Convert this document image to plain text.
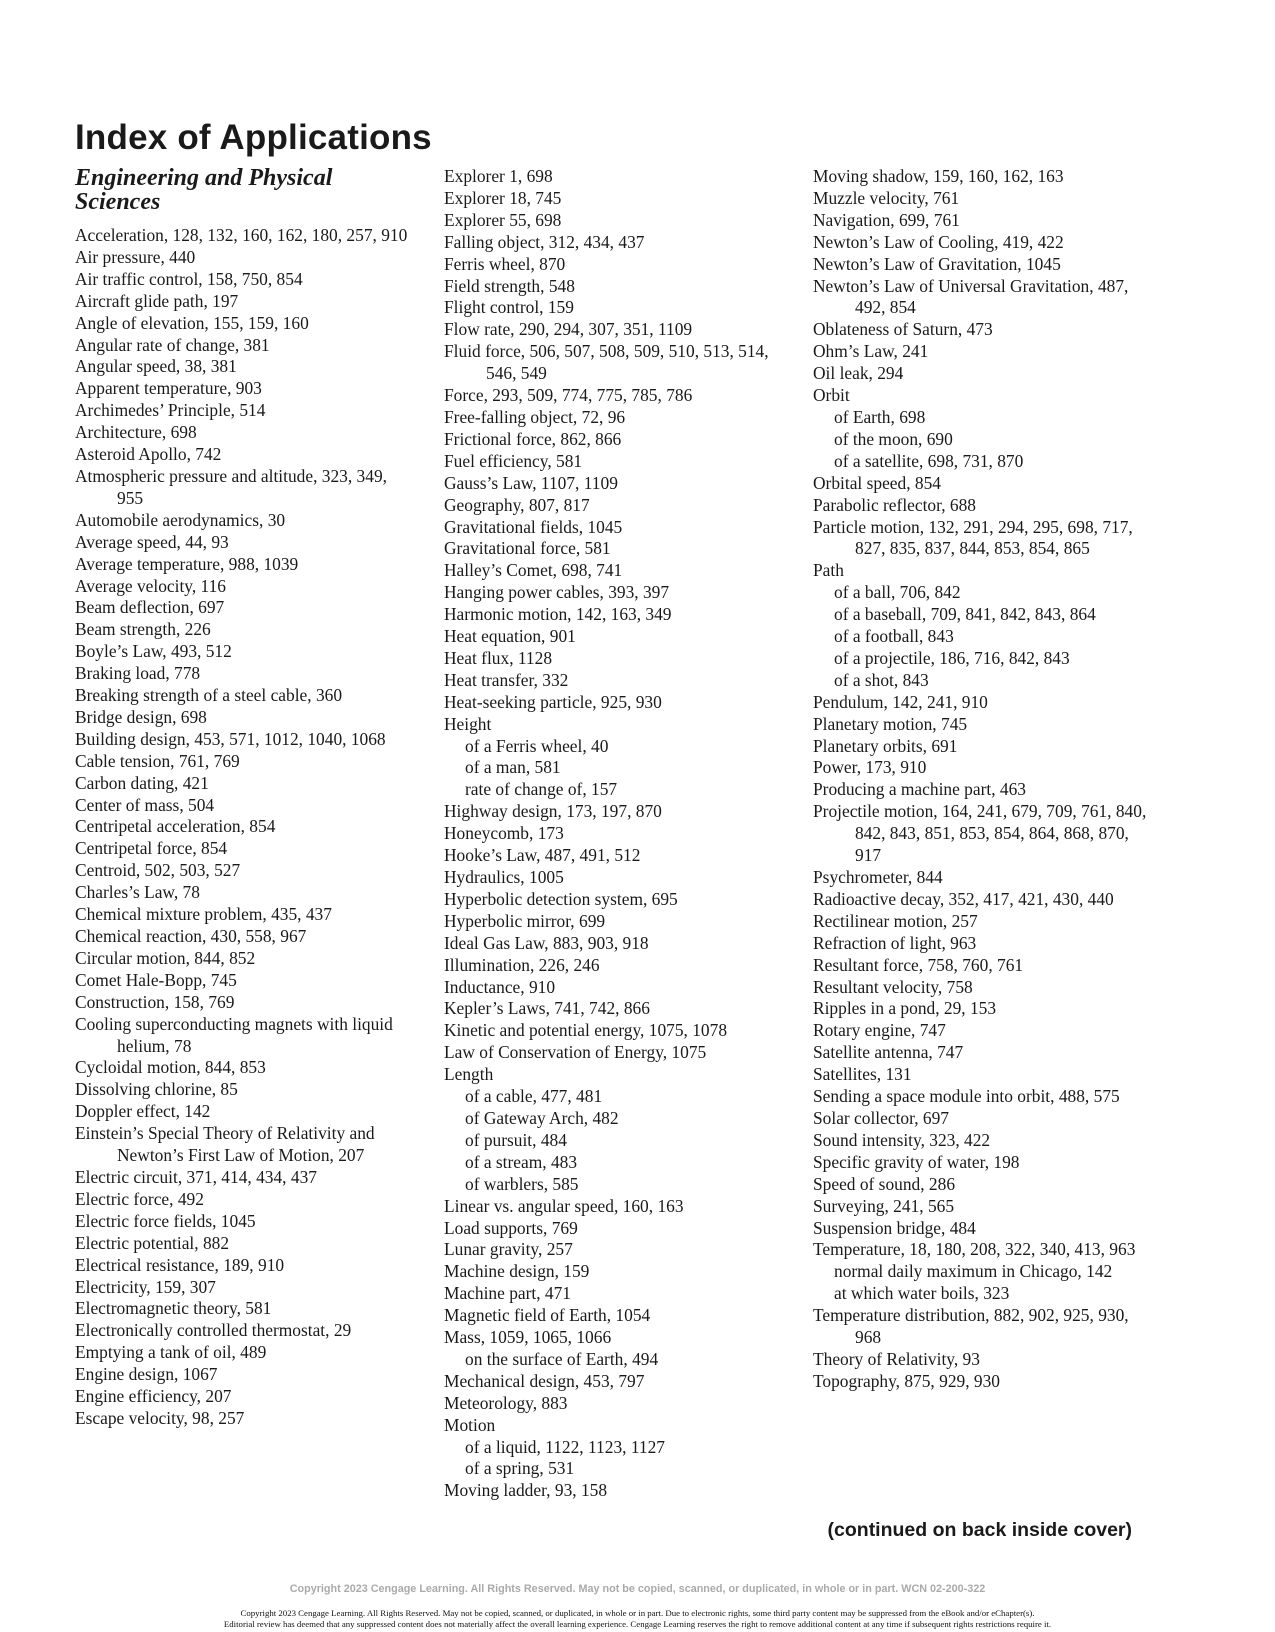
Index of Applications
Engineering and Physical Sciences
Acceleration, 128, 132, 160, 162, 180, 257, 910
Air pressure, 440
Air traffic control, 158, 750, 854
Aircraft glide path, 197
Angle of elevation, 155, 159, 160
Angular rate of change, 381
Angular speed, 38, 381
Apparent temperature, 903
Archimedes’ Principle, 514
Architecture, 698
Asteroid Apollo, 742
Atmospheric pressure and altitude, 323, 349, 955
Automobile aerodynamics, 30
Average speed, 44, 93
Average temperature, 988, 1039
Average velocity, 116
Beam deflection, 697
Beam strength, 226
Boyle’s Law, 493, 512
Braking load, 778
Breaking strength of a steel cable, 360
Bridge design, 698
Building design, 453, 571, 1012, 1040, 1068
Cable tension, 761, 769
Carbon dating, 421
Center of mass, 504
Centripetal acceleration, 854
Centripetal force, 854
Centroid, 502, 503, 527
Charles’s Law, 78
Chemical mixture problem, 435, 437
Chemical reaction, 430, 558, 967
Circular motion, 844, 852
Comet Hale-Bopp, 745
Construction, 158, 769
Cooling superconducting magnets with liquid helium, 78
Cycloidal motion, 844, 853
Dissolving chlorine, 85
Doppler effect, 142
Einstein’s Special Theory of Relativity and Newton’s First Law of Motion, 207
Electric circuit, 371, 414, 434, 437
Electric force, 492
Electric force fields, 1045
Electric potential, 882
Electrical resistance, 189, 910
Electricity, 159, 307
Electromagnetic theory, 581
Electronically controlled thermostat, 29
Emptying a tank of oil, 489
Engine design, 1067
Engine efficiency, 207
Escape velocity, 98, 257
Explorer 1, 698
Explorer 18, 745
Explorer 55, 698
Falling object, 312, 434, 437
Ferris wheel, 870
Field strength, 548
Flight control, 159
Flow rate, 290, 294, 307, 351, 1109
Fluid force, 506, 507, 508, 509, 510, 513, 514, 546, 549
Force, 293, 509, 774, 775, 785, 786
Free-falling object, 72, 96
Frictional force, 862, 866
Fuel efficiency, 581
Gauss’s Law, 1107, 1109
Geography, 807, 817
Gravitational fields, 1045
Gravitational force, 581
Halley’s Comet, 698, 741
Hanging power cables, 393, 397
Harmonic motion, 142, 163, 349
Heat equation, 901
Heat flux, 1128
Heat transfer, 332
Heat-seeking particle, 925, 930
Height
of a Ferris wheel, 40
of a man, 581
rate of change of, 157
Highway design, 173, 197, 870
Honeycomb, 173
Hooke’s Law, 487, 491, 512
Hydraulics, 1005
Hyperbolic detection system, 695
Hyperbolic mirror, 699
Ideal Gas Law, 883, 903, 918
Illumination, 226, 246
Inductance, 910
Kepler’s Laws, 741, 742, 866
Kinetic and potential energy, 1075, 1078
Law of Conservation of Energy, 1075
Length
of a cable, 477, 481
of Gateway Arch, 482
of pursuit, 484
of a stream, 483
of warblers, 585
Linear vs. angular speed, 160, 163
Load supports, 769
Lunar gravity, 257
Machine design, 159
Machine part, 471
Magnetic field of Earth, 1054
Mass, 1059, 1065, 1066
on the surface of Earth, 494
Mechanical design, 453, 797
Meteorology, 883
Motion
of a liquid, 1122, 1123, 1127
of a spring, 531
Moving ladder, 93, 158
Moving shadow, 159, 160, 162, 163
Muzzle velocity, 761
Navigation, 699, 761
Newton’s Law of Cooling, 419, 422
Newton’s Law of Gravitation, 1045
Newton’s Law of Universal Gravitation, 487, 492, 854
Oblateness of Saturn, 473
Ohm’s Law, 241
Oil leak, 294
Orbit
of Earth, 698
of the moon, 690
of a satellite, 698, 731, 870
Orbital speed, 854
Parabolic reflector, 688
Particle motion, 132, 291, 294, 295, 698, 717, 827, 835, 837, 844, 853, 854, 865
Path
of a ball, 706, 842
of a baseball, 709, 841, 842, 843, 864
of a football, 843
of a projectile, 186, 716, 842, 843
of a shot, 843
Pendulum, 142, 241, 910
Planetary motion, 745
Planetary orbits, 691
Power, 173, 910
Producing a machine part, 463
Projectile motion, 164, 241, 679, 709, 761, 840, 842, 843, 851, 853, 854, 864, 868, 870, 917
Psychrometer, 844
Radioactive decay, 352, 417, 421, 430, 440
Rectilinear motion, 257
Refraction of light, 963
Resultant force, 758, 760, 761
Resultant velocity, 758
Ripples in a pond, 29, 153
Rotary engine, 747
Satellite antenna, 747
Satellites, 131
Sending a space module into orbit, 488, 575
Solar collector, 697
Sound intensity, 323, 422
Specific gravity of water, 198
Speed of sound, 286
Surveying, 241, 565
Suspension bridge, 484
Temperature, 18, 180, 208, 322, 340, 413, 963
normal daily maximum in Chicago, 142
at which water boils, 323
Temperature distribution, 882, 902, 925, 930, 968
Theory of Relativity, 93
Topography, 875, 929, 930
(continued on back inside cover)
Copyright 2023 Cengage Learning. All Rights Reserved. May not be copied, scanned, or duplicated, in whole or in part. WCN 02-200-322
Copyright 2023 Cengage Learning. All Rights Reserved. May not be copied, scanned, or duplicated, in whole or in part. Due to electronic rights, some third party content may be suppressed from the eBook and/or eChapter(s).
Editorial review has deemed that any suppressed content does not materially affect the overall learning experience. Cengage Learning reserves the right to remove additional content at any time if subsequent rights restrictions require it.
